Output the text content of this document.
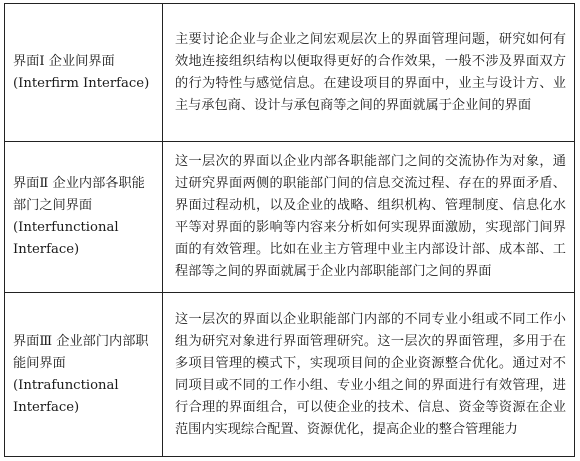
界面Ⅰ 企业间界面(Interfirm Interface)	主要讨论企业与企业之间宏观层次上的界面管理问题，研究如何有效地连接组织结构以便取得更好的合作效果，一般不涉及界面双方的行为特性与感觉信息。在建设项目的界面中，业主与设计方、业主与承包商、设计与承包商等之间的界面就属于企业间的界面
界面Ⅱ 企业内部各职能部门之间界面(Interfunctional Interface)	这一层次的界面以企业内部各职能部门之间的交流协作为对象，通过研究界面两侧的职能部门间的信息交流过程、存在的界面矛盾、界面过程动机，以及企业的战略、组织机构、管理制度、信息化水平等对界面的影响等内容来分析如何实现界面激励，实现部门间界面的有效管理。比如在业主方管理中业主内部设计部、成本部、工程部等之间的界面就属于企业内部职能部门之间的界面
界面Ⅲ 企业部门内部职能间界面(Intrafunctional Interface)	这一层次的界面以企业职能部门内部的不同专业小组或不同工作小组为研究对象进行界面管理研究。这一层次的界面管理，多用于在多项目管理的模式下，实现项目间的企业资源整合优化。通过对不同项目或不同的工作小组、专业小组之间的界面进行有效管理，进行合理的界面组合，可以使企业的技术、信息、资金等资源在企业范围内实现综合配置、资源优化，提高企业的整合管理能力
